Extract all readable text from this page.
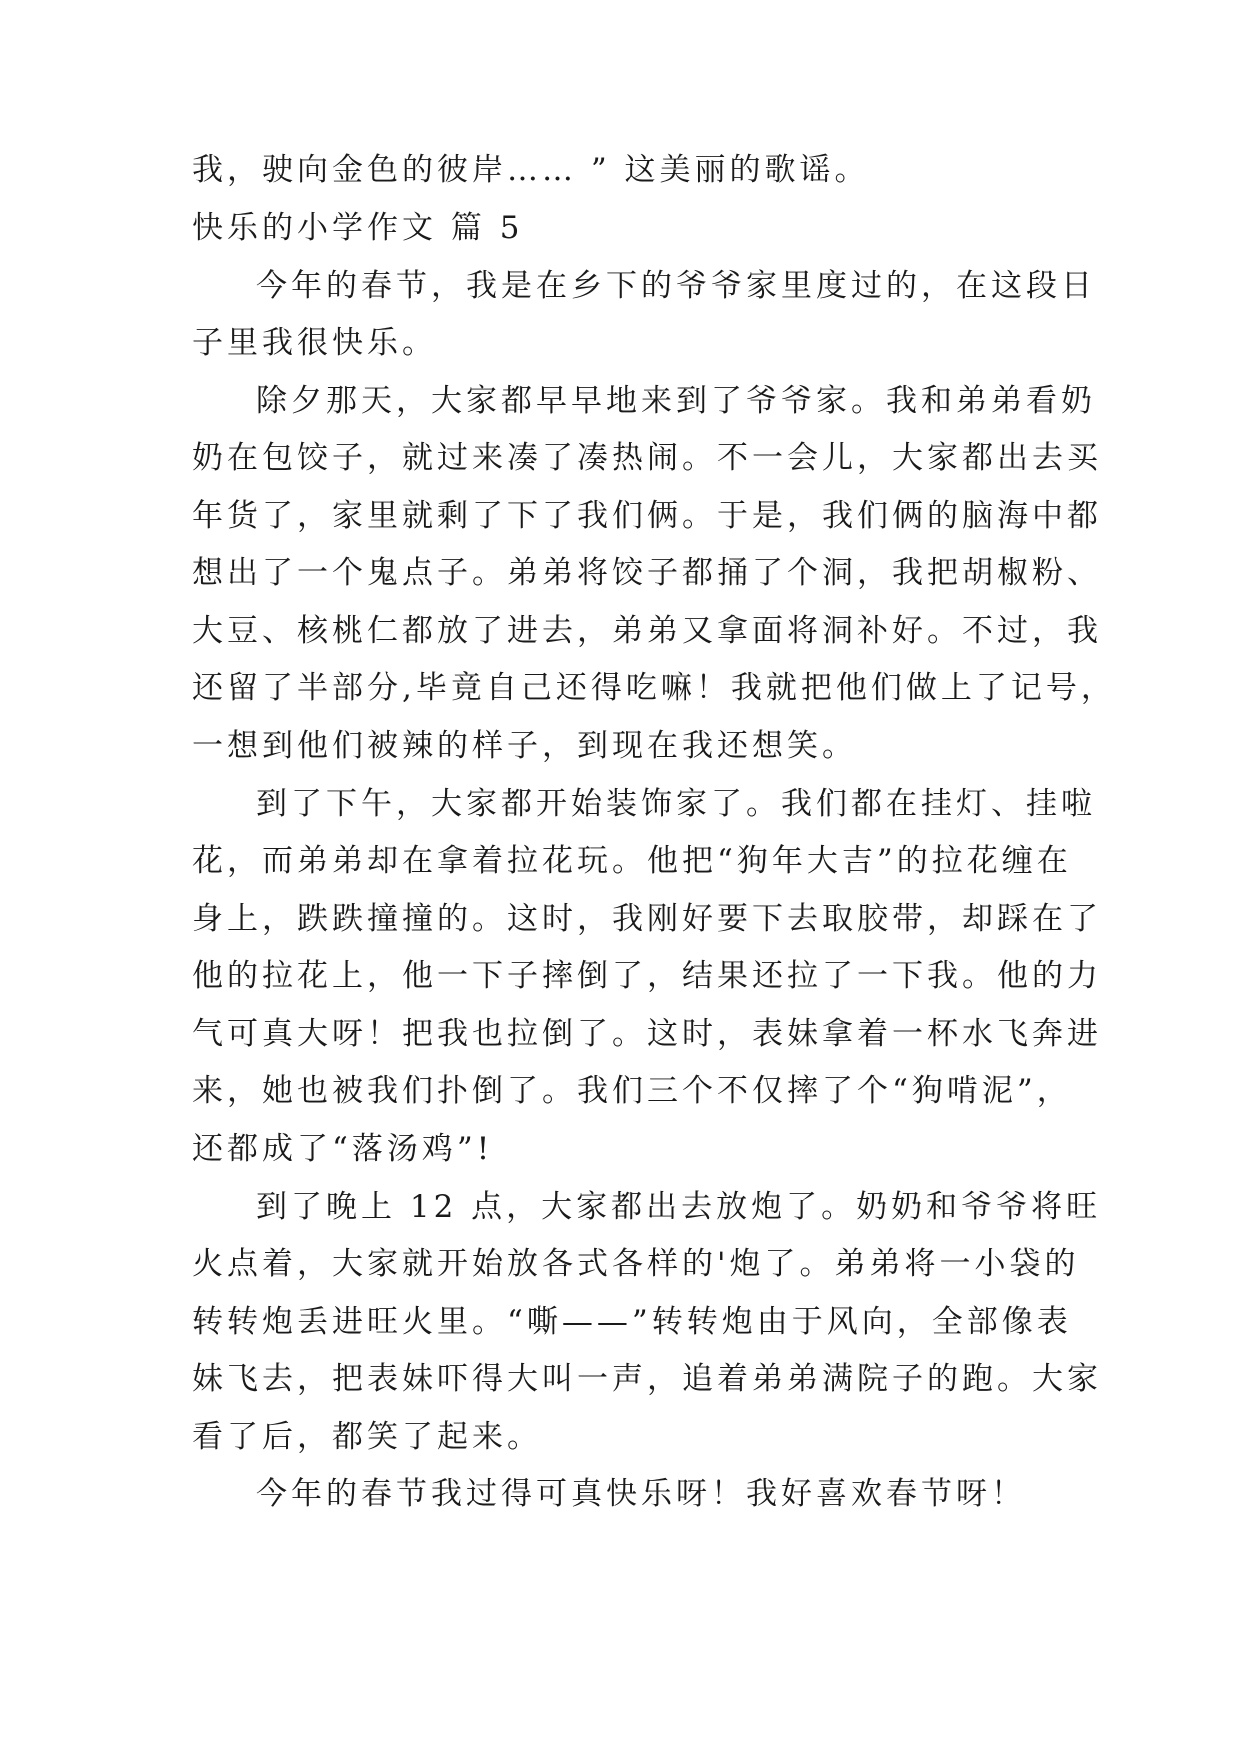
我，驶向金色的彼岸…… ” 这美丽的歌谣。
快乐的小学作文 篇 5
今年的春节，我是在乡下的爷爷家里度过的，在这段日
子里我很快乐。
除夕那天，大家都早早地来到了爷爷家。我和弟弟看奶
奶在包饺子，就过来凑了凑热闹。不一会儿，大家都出去买
年货了，家里就剩了下了我们俩。于是，我们俩的脑海中都
想出了一个鬼点子。弟弟将饺子都捅了个洞，我把胡椒粉、
大豆、核桃仁都放了进去，弟弟又拿面将洞补好。不过，我
还留了半部分,毕竟自己还得吃嘛！我就把他们做上了记号，
一想到他们被辣的样子，到现在我还想笑。
到了下午，大家都开始装饰家了。我们都在挂灯、挂啦
花，而弟弟却在拿着拉花玩。他把“狗年大吉”的拉花缠在
身上，跌跌撞撞的。这时，我刚好要下去取胶带，却踩在了
他的拉花上，他一下子摔倒了，结果还拉了一下我。他的力
气可真大呀！把我也拉倒了。这时，表妹拿着一杯水飞奔进
来，她也被我们扑倒了。我们三个不仅摔了个“狗啃泥”，
还都成了“落汤鸡”!
到了晚上 12 点，大家都出去放炮了。奶奶和爷爷将旺
火点着，大家就开始放各式各样的'炮了。弟弟将一小袋的
转转炮丢进旺火里。“嘶——”转转炮由于风向，全部像表
妹飞去，把表妹吓得大叫一声，追着弟弟满院子的跑。大家
看了后，都笑了起来。
今年的春节我过得可真快乐呀！我好喜欢春节呀！
